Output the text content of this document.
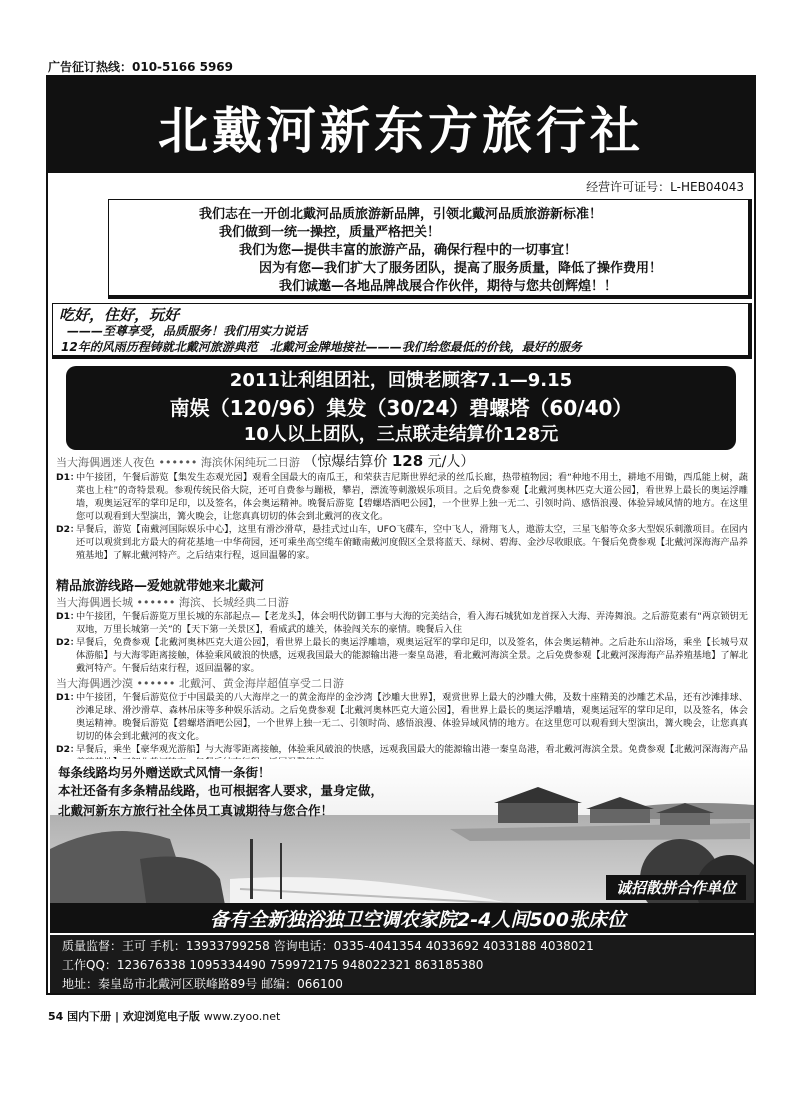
广告征订热线：010-5166 5969
北戴河新东方旅行社
经营许可证号：L-HEB04043
我们志在一开创北戴河品质旅游新品牌，引领北戴河品质旅游新标准！
我们做到一统一操控，质量严格把关！
我们为您—提供丰富的旅游产品，确保行程中的一切事宜！
因为有您—我们扩大了服务团队，提高了服务质量，降低了操作费用！
我们诚邀—各地品牌战展合作伙伴，期待与您共创辉煌！！
吃好，住好，玩好
———至尊享受，品质服务！我们用实力说话
12年的风雨历程铸就北戴河旅游典范　北戴河金牌地接社———我们给您最低的价钱，最好的服务
2011让利组团社，回馈老顾客7.1—9.15
南娱（120/96）集发（30/24）碧螺塔（60/40）
10人以上团队，三点联走结算价128元
当大海偶遇迷人夜色 •••••• 海滨休闲纯玩二日游 （惊爆结算价 128 元/人）
D1：
中午接团，午餐后游览【集发生态观光园】观看全国最大的南瓜王，和荣获吉尼斯世界纪录的丝瓜长廊，热带植物园；看“种地不用土，耕地不用锄，西瓜能上树，蔬菜也上柱”的奇特景观。参观传统民俗大院，还可自费参与蹦极，攀岩，漂流等刺激娱乐项目。之后免费参观【北戴河奥林匹克大道公园】，看世界上最长的奥运浮雕墙，观奥运冠军的掌印足印，以及签名，体会奥运精神。晚餐后游览【碧螺塔酒吧公园】，一个世界上独一无二、引领时尚、感悟浪漫、体验异域风情的地方。在这里您可以观看到大型演出，篝火晚会，让您真真切切的体会到北戴河的夜文化。
D2：
早餐后，游览【南戴河国际娱乐中心】，这里有滑沙滑草，悬挂式过山车，UFO飞碟车，空中飞人，滑翔飞人，遨游太空，三星飞船等众多大型娱乐刺激项目。在园内还可以观赏到北方最大的荷花基地一中华荷园，还可乘坐高空缆车俯瞰南戴河度假区全景将蓝天、绿树、碧海、金沙尽收眼底。午餐后免费参观【北戴河深海海产品养殖基地】了解北戴河特产。之后结束行程，返回温馨的家。
精品旅游线路—爱她就带她来北戴河
当大海偶遇长城 •••••• 海滨、长城经典二日游
D1：
中午接团，午餐后游览万里长城的东部起点—【老龙头】，体会明代防御工事与大海的完美结合，看入海石城犹如龙首探入大海、弄涛舞浪。之后游览素有“两京锁钥无双地，万里长城第一关”的【天下第一关景区】，看威武的雄关，体验闯关东的豪情。晚餐后入住
D2：
早餐后，免费参观【北戴河奥林匹克大道公园】，看世界上最长的奥运浮雕墙，观奥运冠军的掌印足印，以及签名，体会奥运精神。之后赴东山浴场，乘坐【长城号双体游船】与大海零距离接触，体验乘风破浪的快感，远观我国最大的能源输出港一秦皇岛港，看北戴河海滨全景。之后免费参观【北戴河深海海产品养殖基地】了解北戴河特产。午餐后结束行程，返回温馨的家。
当大海偶遇沙漠 •••••• 北戴河、黄金海岸超值享受二日游
D1：
中午接团，午餐后游览位于中国最美的八大海岸之一的黄金海岸的金沙湾【沙雕大世界】，观赏世界上最大的沙雕大佛，及数十座精美的沙雕艺术品，还有沙滩排球、沙滩足球、滑沙滑草、森林吊床等多种娱乐活动。之后免费参观【北戴河奥林匹克大道公园】，看世界上最长的奥运浮雕墙，观奥运冠军的掌印足印，以及签名，体会奥运精神。晚餐后游览【碧螺塔酒吧公园】，一个世界上独一无二、引领时尚、感悟浪漫、体验异域风情的地方。在这里您可以观看到大型演出，篝火晚会，让您真真切切的体会到北戴河的夜文化。
D2：
早餐后，乘坐【豪华观光游船】与大海零距离接触，体验乘风破浪的快感，远观我国最大的能源输出港一秦皇岛港，看北戴河海滨全景。免费参观【北戴河深海海产品
每条线路均另外赠送欧式风情一条街！
本社还备有多条精品线路，也可根据客人要求，量身定做，
北戴河新东方旅行社全体员工真诚期待与您合作！
诚招散拼合作单位
备有全新独浴独卫空调农家院2-4人间500张床位
质量监督：王可 手机：13933799258 咨询电话：0335-4041354 4033692 4033188 4038021
工作QQ：123676338 1095334490 759972175 948022321 863185380
地址：秦皇岛市北戴河区联峰路89号 邮编：066100
54 国内下册 | 欢迎浏览电子版 www.zyoo.net
